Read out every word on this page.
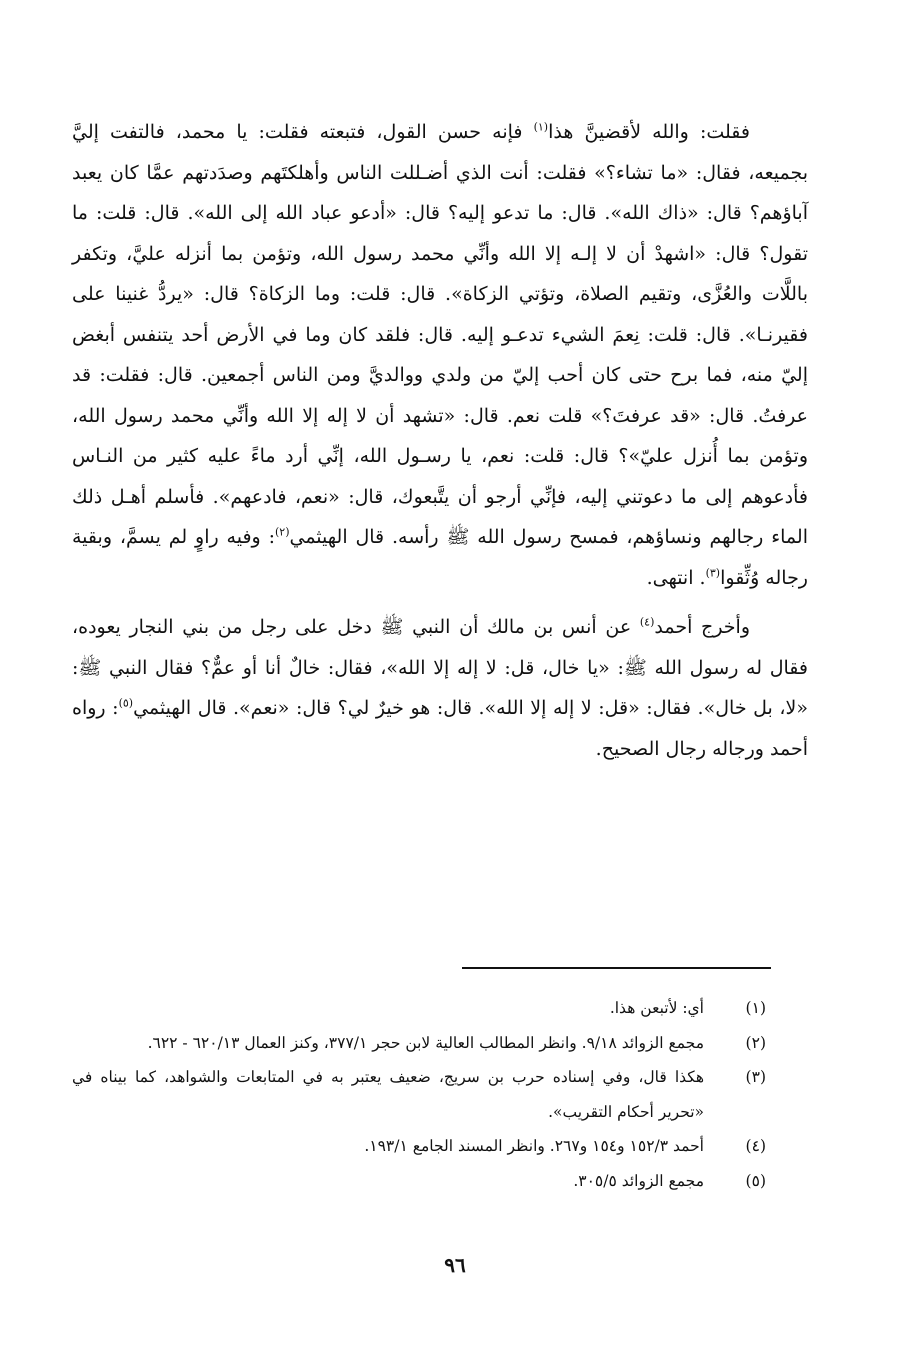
فقلت: والله لأقضينَّ هذا$^{(١)}$ فإنه حسن القول، فتبعته فقلت: يا محمد، فالتفت إليَّ بجميعه، فقال: «ما تشاء؟» فقلت: أنت الذي أضـللت الناس وأهلكتَهم وصدَدتهم عمَّا كان يعبد آباؤهم؟ قال: «ذاك الله». قال: ما تدعو إليه؟ قال: «أدعو عباد الله إلى الله». قال: قلت: ما تقول؟ قال: «اشهدْ أن لا إلـه إلا الله وأنِّي محمد رسول الله، وتؤمن بما أنزله عليَّ، وتكفر باللَّات والعُزَّى، وتقيم الصلاة، وتؤتي الزكاة». قال: قلت: وما الزكاة؟ قال: «يردُّ غنينا على فقيرنـا». قال: قلت: نِعمَ الشيء تدعـو إليه. قال: فلقد كان وما في الأرض أحد يتنفس أبغض إليّ منه، فما برح حتى كان أحب إليّ من ولدي ووالديَّ ومن الناس أجمعين. قال: فقلت: قد عرفتُ. قال: «قد عرفتَ؟» قلت نعم. قال: «تشهد أن لا إله إلا الله وأنِّي محمد رسول الله، وتؤمن بما أُنزل عليّ»؟ قال: قلت: نعم، يا رسـول الله، إنِّي أرد ماءً عليه كثير من النـاس فأدعوهم إلى ما دعوتني إليه، فإنِّي أرجو أن يتَّبعوك، قال: «نعم، فادعهم». فأسلم أهـل ذلك الماء رجالهم ونساؤهم، فمسح رسول الله ﷺ رأسه. قال الهيثمي$^{(٢)}$: وفيه راوٍ لم يسمَّ، وبقية رجاله وُثِّقوا$^{(٣)}$. انتهى.

وأخرج أحمد$^{(٤)}$ عن أنس بن مالك أن النبي ﷺ دخل على رجل من بني النجار يعوده، فقال له رسول الله ﷺ: «يا خال، قل: لا إله إلا الله»، فقال: خالٌ أنا أو عمٌّ؟ فقال النبي ﷺ: «لا، بل خال». فقال: «قل: لا إله إلا الله». قال: هو خيرٌ لي؟ قال: «نعم». قال الهيثمي$^{(٥)}$: رواه أحمد ورجاله رجال الصحيح.

(١)
أي: لأتبعن هذا.
(٢)
مجمع الزوائد ٩/١٨. وانظر المطالب العالية لابن حجر ٣٧٧/١، وكنز العمال ٦٢٠/١٣ - ٦٢٢.
(٣)
هكذا قال، وفي إسناده حرب بن سريج، ضعيف يعتبر به في المتابعات والشواهد، كما بيناه في «تحرير أحكام التقريب».
(٤)
أحمد ١٥٢/٣ و١٥٤ و٢٦٧. وانظر المسند الجامع ١٩٣/١.
(٥)
مجمع الزوائد ٣٠٥/٥.
٩٦
